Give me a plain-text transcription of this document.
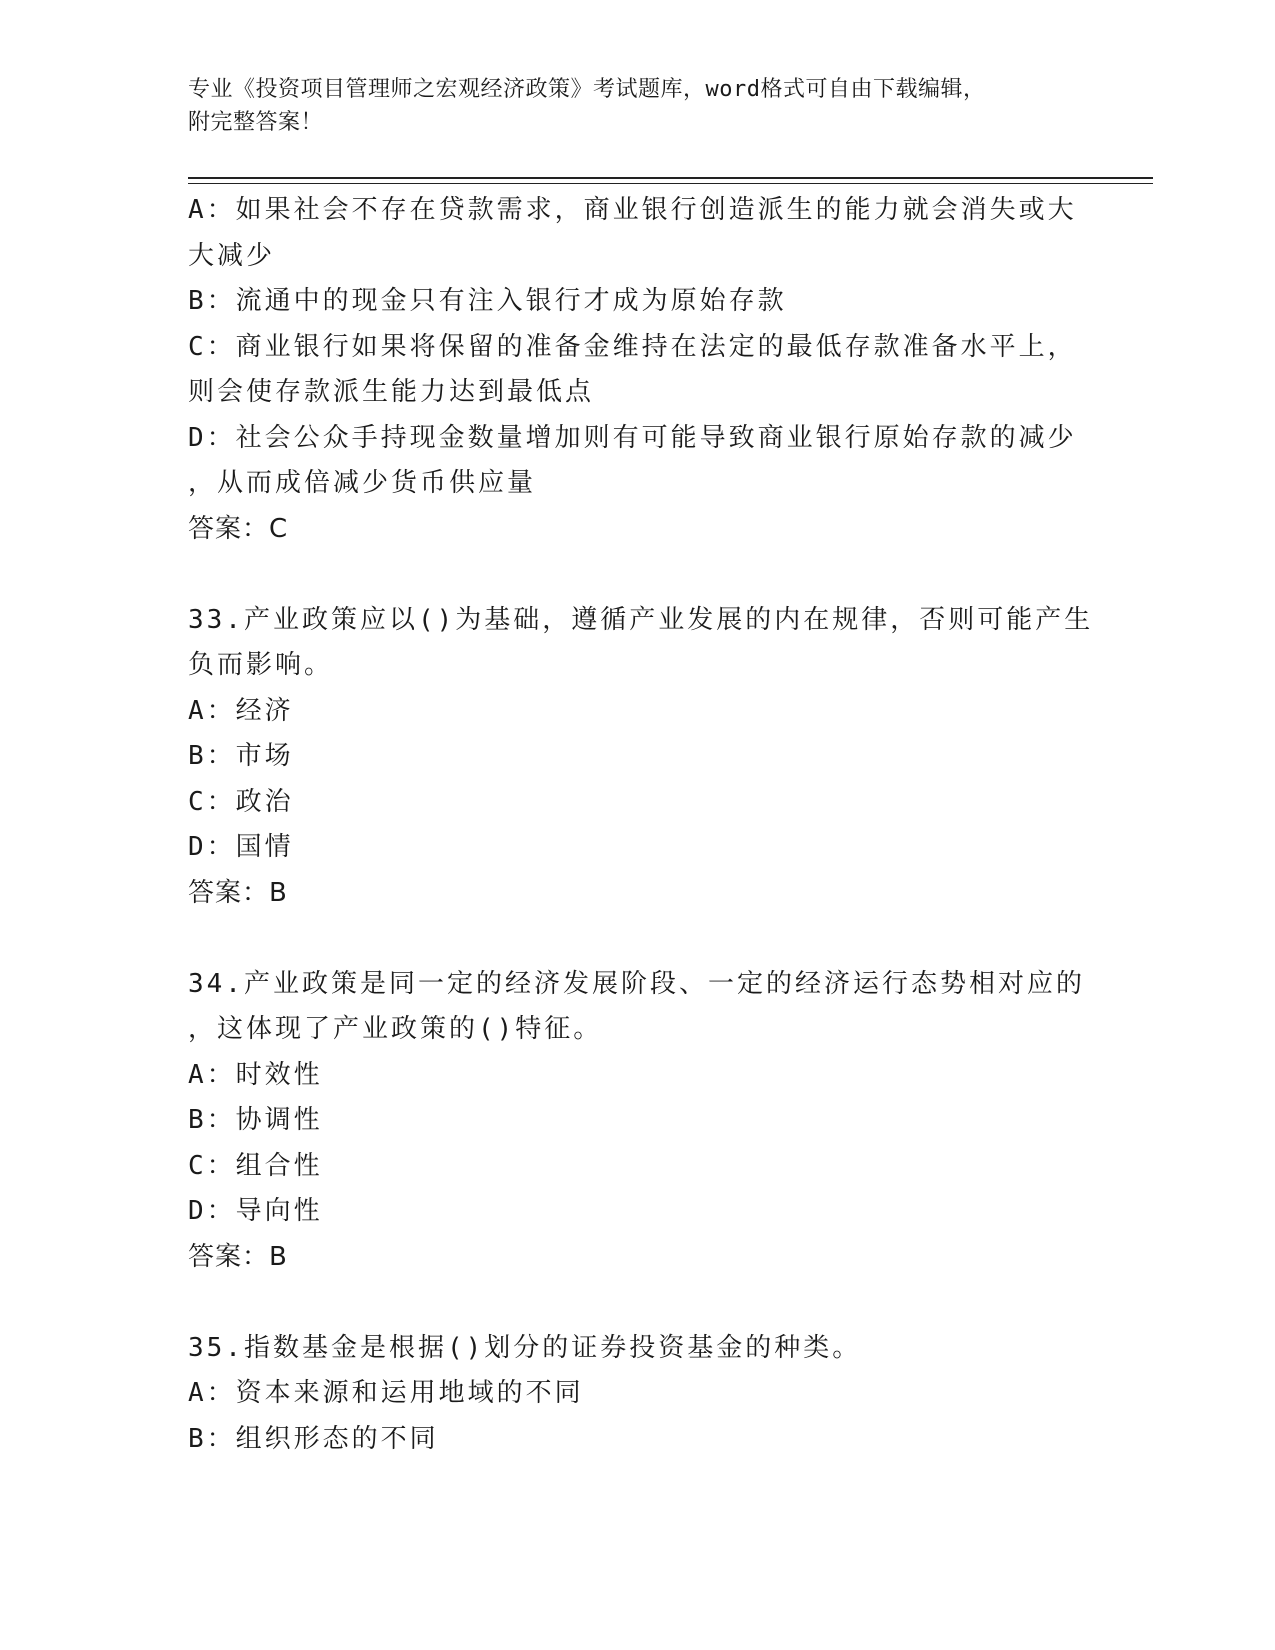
专业《投资项目管理师之宏观经济政策》考试题库，word格式可自由下载编辑，
附完整答案！
A：如果社会不存在贷款需求，商业银行创造派生的能力就会消失或大
大减少
B：流通中的现金只有注入银行才成为原始存款
C：商业银行如果将保留的准备金维持在法定的最低存款准备水平上，
则会使存款派生能力达到最低点
D：社会公众手持现金数量增加则有可能导致商业银行原始存款的减少
，从而成倍减少货币供应量
答案：C
33.产业政策应以()为基础，遵循产业发展的内在规律，否则可能产生
负而影响。
A：经济
B：市场
C：政治
D：国情
答案：B
34.产业政策是同一定的经济发展阶段、一定的经济运行态势相对应的
，这体现了产业政策的()特征。
A：时效性
B：协调性
C：组合性
D：导向性
答案：B
35.指数基金是根据()划分的证券投资基金的种类。
A：资本来源和运用地域的不同
B：组织形态的不同
